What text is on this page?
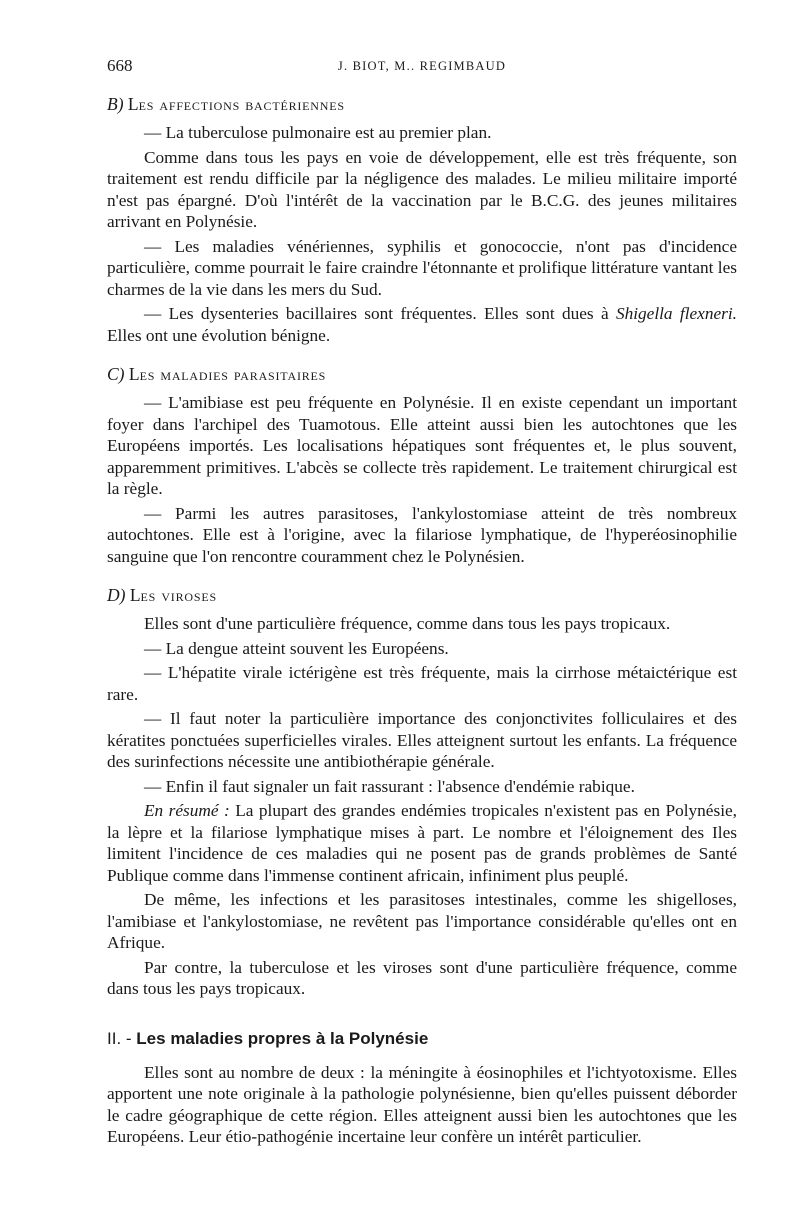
668	J. BIOT, M.. REGIMBAUD
B) Les affections bactériennes

— La tuberculose pulmonaire est au premier plan.

Comme dans tous les pays en voie de développement, elle est très fréquente, son traitement est rendu difficile par la négligence des malades. Le milieu militaire importé n'est pas épargné. D'où l'intérêt de la vaccination par le B.C.G. des jeunes militaires arrivant en Polynésie.

— Les maladies vénériennes, syphilis et gonococcie, n'ont pas d'incidence particulière, comme pourrait le faire craindre l'étonnante et prolifique littérature vantant les charmes de la vie dans les mers du Sud.

— Les dysenteries bacillaires sont fréquentes. Elles sont dues à Shigella flexneri. Elles ont une évolution bénigne.

C) Les maladies parasitaires

— L'amibiase est peu fréquente en Polynésie. Il en existe cependant un important foyer dans l'archipel des Tuamotous. Elle atteint aussi bien les autochtones que les Européens importés. Les localisations hépatiques sont fréquentes et, le plus souvent, apparemment primitives. L'abcès se collecte très rapidement. Le traitement chirurgical est la règle.

— Parmi les autres parasitoses, l'ankylostomiase atteint de très nombreux autochtones. Elle est à l'origine, avec la filariose lymphatique, de l'hyperéosinophilie sanguine que l'on rencontre couramment chez le Polynésien.

D) Les viroses

Elles sont d'une particulière fréquence, comme dans tous les pays tropicaux.

— La dengue atteint souvent les Européens.

— L'hépatite virale ictérigène est très fréquente, mais la cirrhose métaictérique est rare.

— Il faut noter la particulière importance des conjonctivites folliculaires et des kératites ponctuées superficielles virales. Elles atteignent surtout les enfants. La fréquence des surinfections nécessite une antibiothérapie générale.

— Enfin il faut signaler un fait rassurant : l'absence d'endémie rabique.

En résumé : La plupart des grandes endémies tropicales n'existent pas en Polynésie, la lèpre et la filariose lymphatique mises à part. Le nombre et l'éloignement des Iles limitent l'incidence de ces maladies qui ne posent pas de grands problèmes de Santé Publique comme dans l'immense continent africain, infiniment plus peuplé.

De même, les infections et les parasitoses intestinales, comme les shigelloses, l'amibiase et l'ankylostomiase, ne revêtent pas l'importance considérable qu'elles ont en Afrique.

Par contre, la tuberculose et les viroses sont d'une particulière fréquence, comme dans tous les pays tropicaux.

II. - Les maladies propres à la Polynésie

Elles sont au nombre de deux : la méningite à éosinophiles et l'ichtyotoxisme. Elles apportent une note originale à la pathologie polynésienne, bien qu'elles puissent déborder le cadre géographique de cette région. Elles atteignent aussi bien les autochtones que les Européens. Leur étio-pathogénie incertaine leur confère un intérêt particulier.
